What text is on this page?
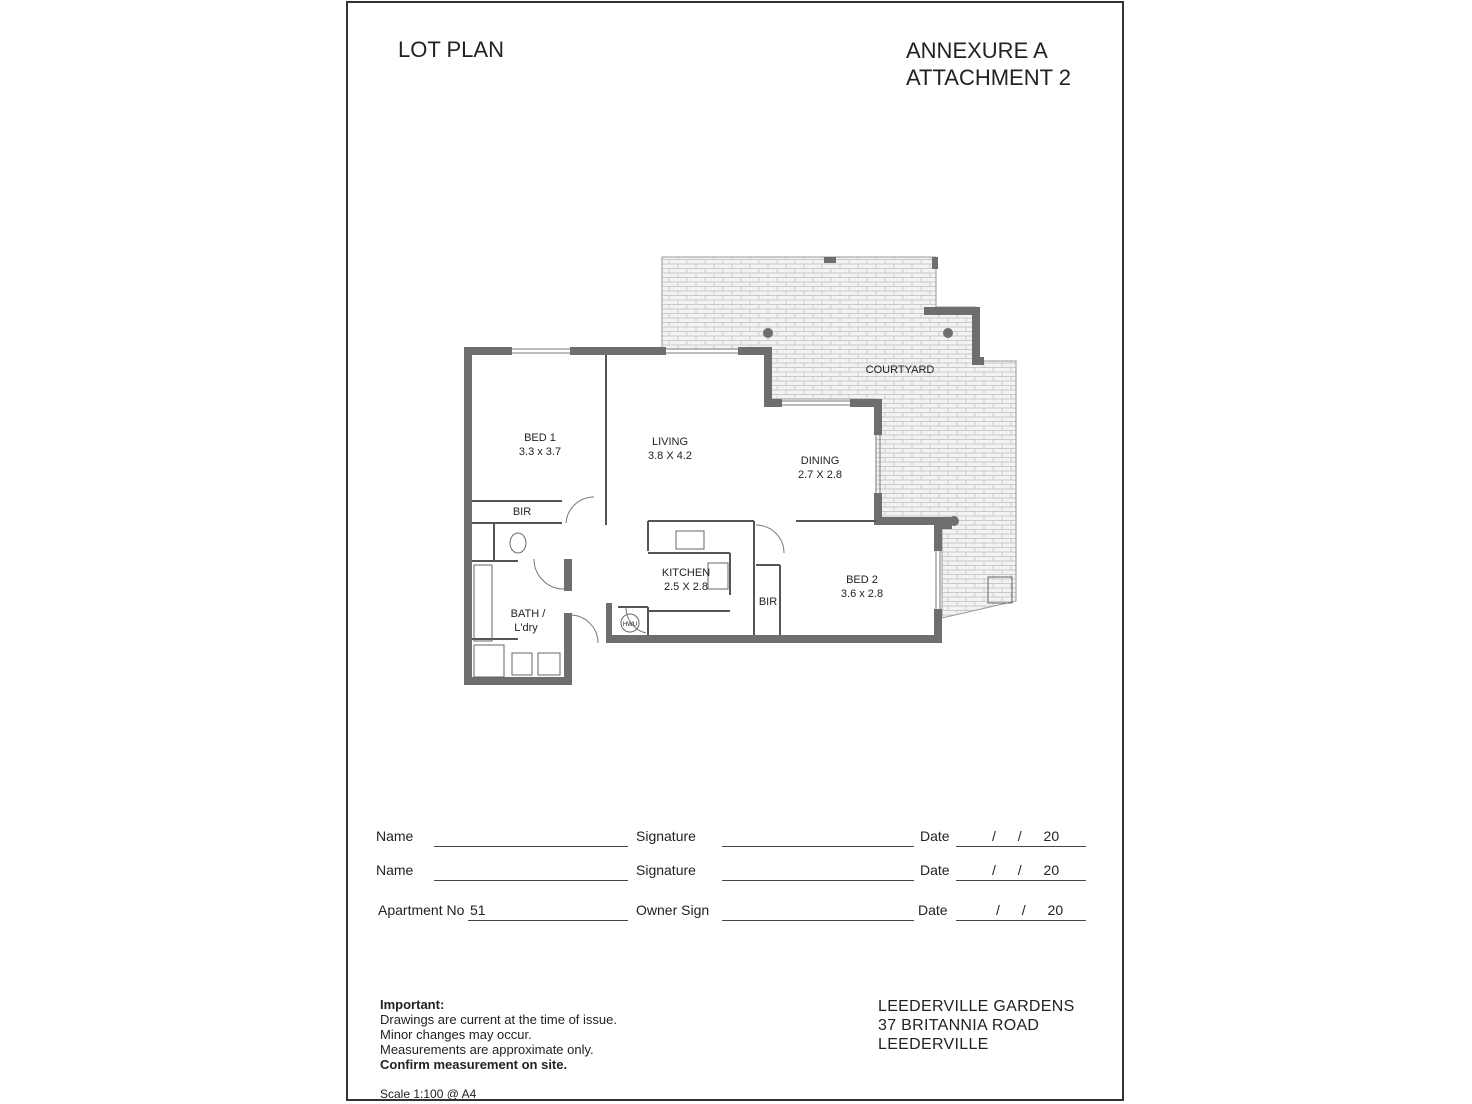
LOT PLAN	ANNEXURE A
ATTACHMENT 2
COURTYARD
BED 1
3.3 x 3.7
BIR
LIVING
3.8 X 4.2	DINING
2.7 X 2.8
KITCHEN
2.5 X 2.8
BATH /
L'dry	HWU
BIR
BED 2
3.6 x 2.8
Name	Signature	Date	/ / 20
Name	Signature	Date	/ / 20
Apartment No 51	Owner Sign	Date	/ / 20
Important:
Drawings are current at the time of issue.
Minor changes may occur.
Measurements are approximate only.
Confirm measurement on site.
Scale 1:100 @ A4
LEEDERVILLE GARDENS
37 BRITANNIA ROAD
LEEDERVILLE
